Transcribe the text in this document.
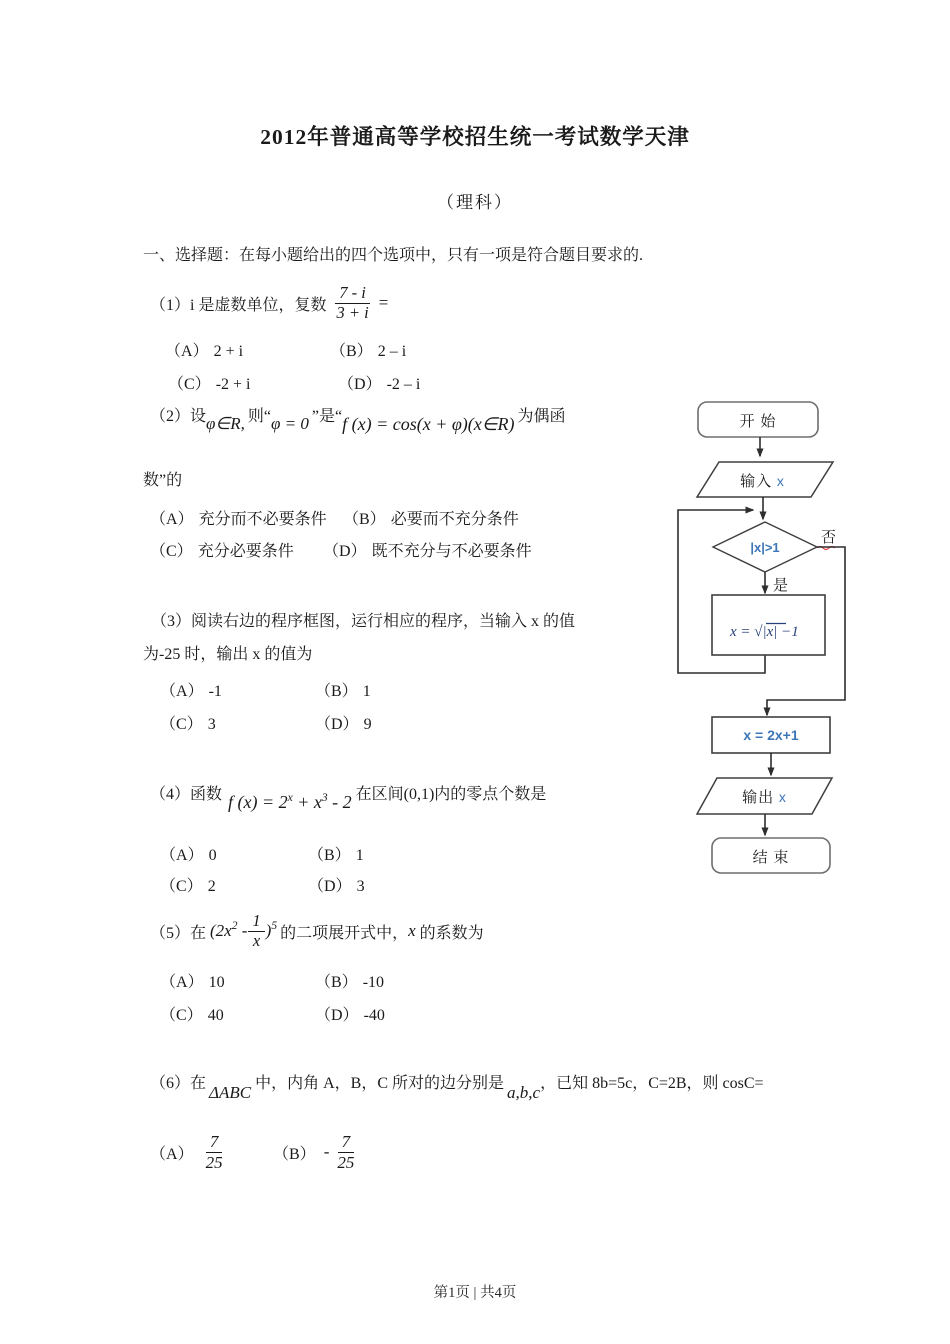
2012年普通高等学校招生统一考试数学天津
（理科）
一、选择题：在每小题给出的四个选项中，只有一项是符合题目要求的.
（1）i 是虚数单位，复数 $\frac{7 - i}{3 + i}$ =
（A） 2 + i	（B） 2 – i
（C） -2 + i	（D） -2 – i
（2）设 φ∈R, 则“ φ = 0 ”是“ f (x) = cos(x + φ)(x∈R) 为偶函
数”的
（A） 充分而不必要条件 （B） 必要而不充分条件
（C） 充分必要条件 （D） 既不充分与不必要条件
（3）阅读右边的程序框图，运行相应的程序，当输入 x 的值
为-25 时，输出 x 的值为
（A） -1	（B） 1
（C） 3	（D） 9
（4）函数 f $(x) = 2^x + x^3 - 2$ 在区间(0,1)内的零点个数是
（A） 0	（B） 1
（C） 2	（D） 3
（5）在 $(2x^2 - \frac{1}{x} )^5$ 的二项展开式中， x 的系数为
（A） 10	（B） -10
（C） 40	（D） -40
（6）在 ΔABC 中，内角 A，B，C 所对的边分别是 a,b,c ，已知 8b=5c，C=2B，则 cosC=
$(A) \frac{7}{25}$	$(B) - \frac{7}{25}$
开 始
输入 x
|x|>1
否
是
x = √|x| −1
x = 2x+1
输出 x
结 束
第1页 | 共4页
